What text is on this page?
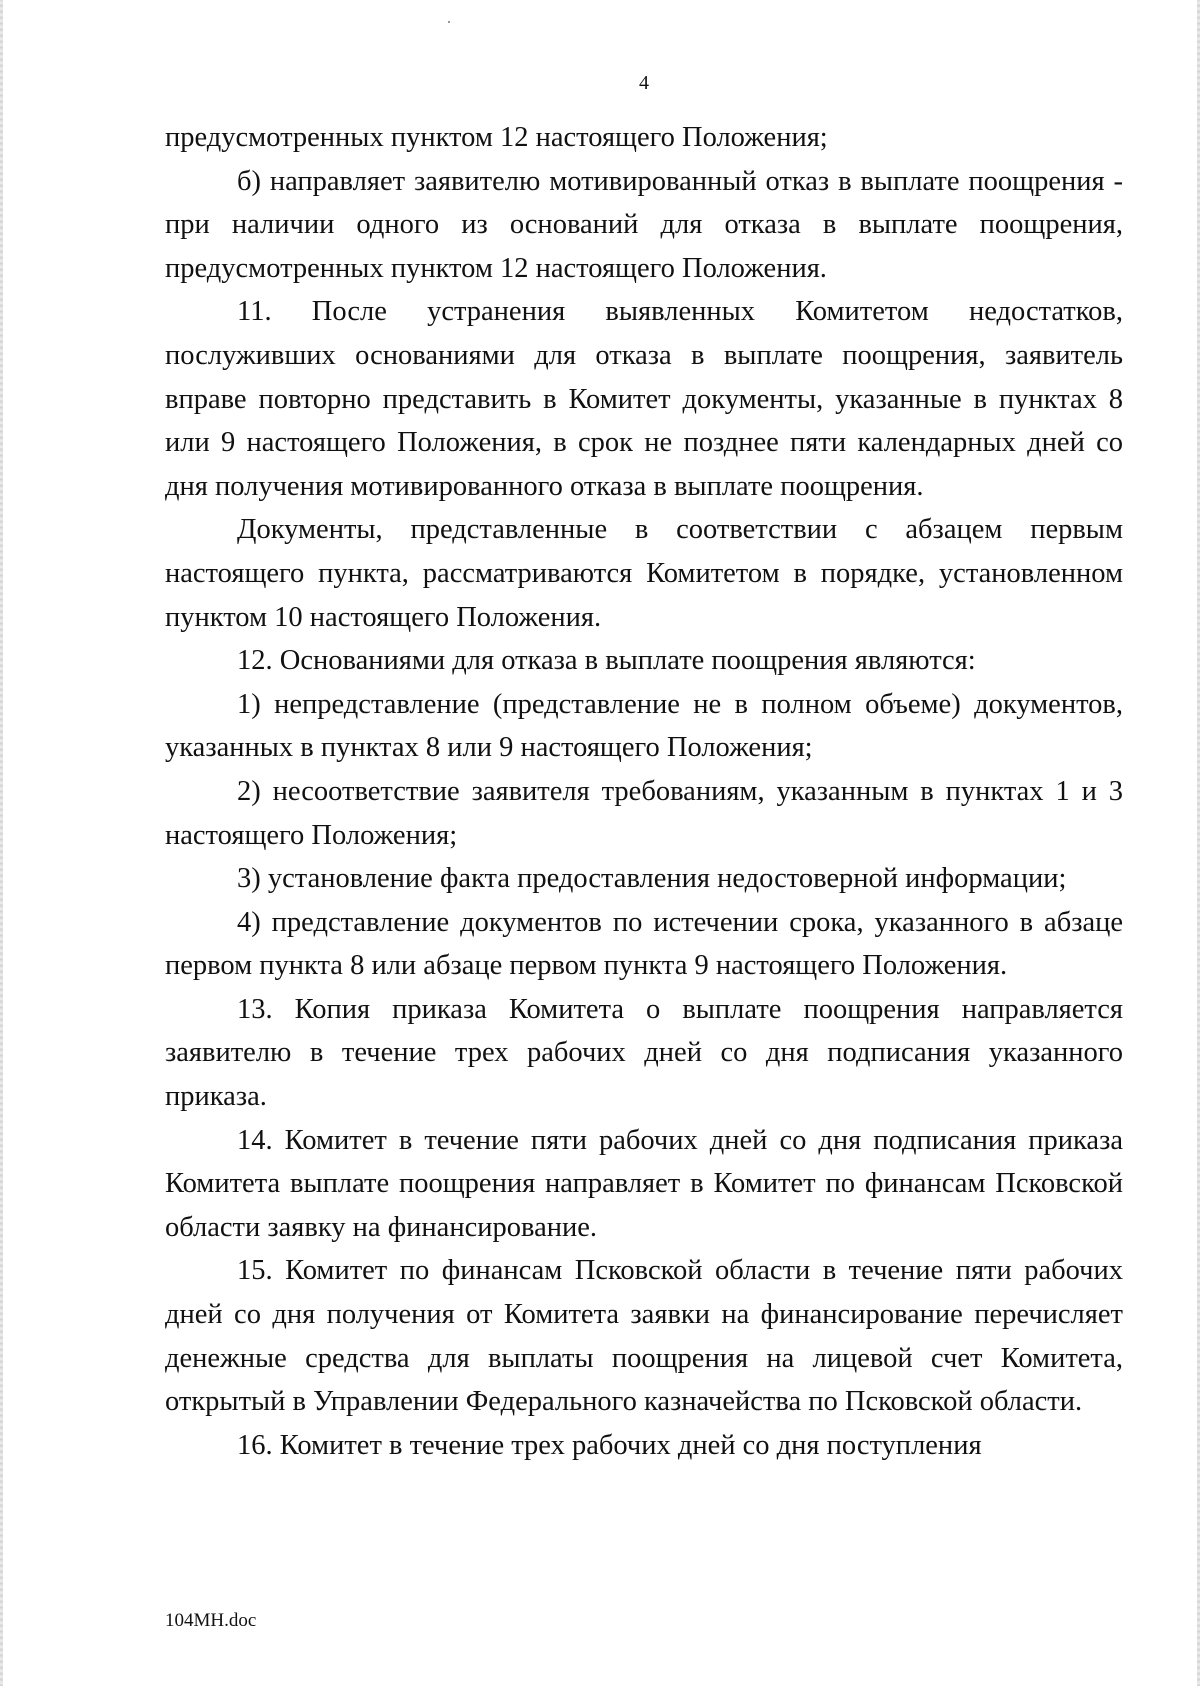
4

предусмотренных пунктом 12 настоящего Положения;

б) направляет заявителю мотивированный отказ в выплате поощрения - при наличии одного из оснований для отказа в выплате поощрения, предусмотренных пунктом 12 настоящего Положения.

11. После устранения выявленных Комитетом недостатков, послуживших основаниями для отказа в выплате поощрения, заявитель вправе повторно представить в Комитет документы, указанные в пунктах 8 или 9 настоящего Положения, в срок не позднее пяти календарных дней со дня получения мотивированного отказа в выплате поощрения.

Документы, представленные в соответствии с абзацем первым настоящего пункта, рассматриваются Комитетом в порядке, установленном пунктом 10 настоящего Положения.

12. Основаниями для отказа в выплате поощрения являются:

1) непредставление (представление не в полном объеме) документов, указанных в пунктах 8 или 9 настоящего Положения;

2) несоответствие заявителя требованиям, указанным в пунктах 1 и 3 настоящего Положения;

3) установление факта предоставления недостоверной информации;

4) представление документов по истечении срока, указанного в абзаце первом пункта 8 или абзаце первом пункта 9 настоящего Положения.

13. Копия приказа Комитета о выплате поощрения направляется заявителю в течение трех рабочих дней со дня подписания указанного приказа.

14. Комитет в течение пяти рабочих дней со дня подписания приказа Комитета выплате поощрения направляет в Комитет по финансам Псковской области заявку на финансирование.

15. Комитет по финансам Псковской области в течение пяти рабочих дней со дня получения от Комитета заявки на финансирование перечисляет денежные средства для выплаты поощрения на лицевой счет Комитета, открытый в Управлении Федерального казначейства по Псковской области.

16. Комитет в течение трех рабочих дней со дня поступления

104МН.doc
